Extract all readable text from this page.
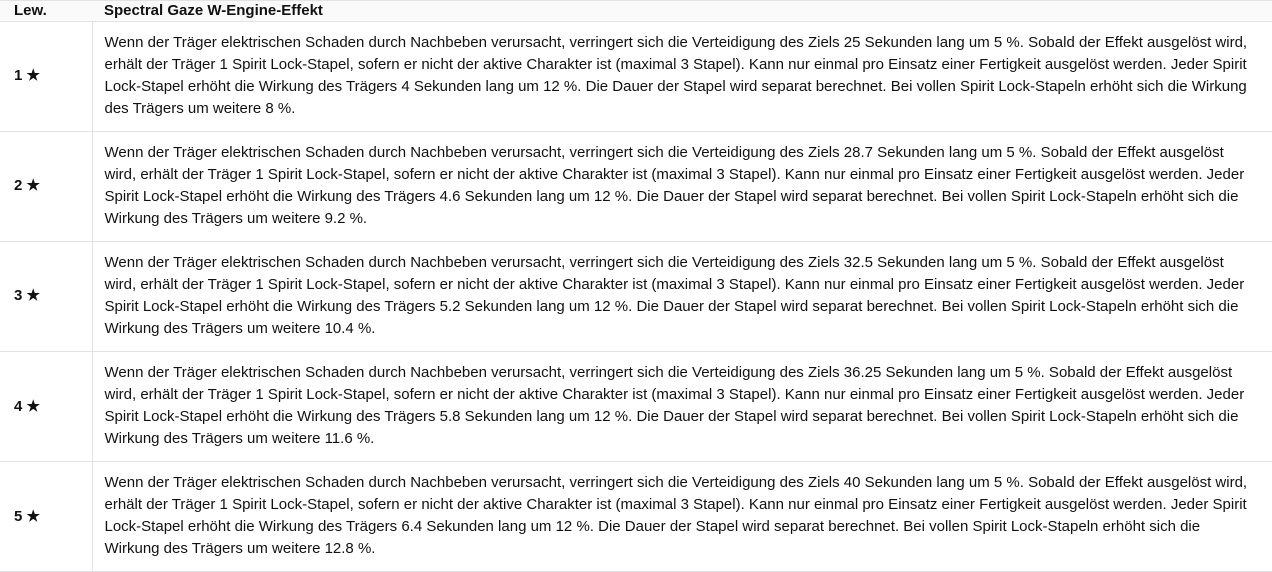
Lew.	Spectral Gaze W-Engine-Effekt
1 ★	Wenn der Träger elektrischen Schaden durch Nachbeben verursacht, verringert sich die Verteidigung des Ziels 25 Sekunden lang um 5 %. Sobald der Effekt ausgelöst wird, erhält der Träger 1 Spirit Lock-Stapel, sofern er nicht der aktive Charakter ist (maximal 3 Stapel). Kann nur einmal pro Einsatz einer Fertigkeit ausgelöst werden. Jeder Spirit Lock-Stapel erhöht die Wirkung des Trägers 4 Sekunden lang um 12 %. Die Dauer der Stapel wird separat berechnet. Bei vollen Spirit Lock-Stapeln erhöht sich die Wirkung des Trägers um weitere 8 %.
2 ★	Wenn der Träger elektrischen Schaden durch Nachbeben verursacht, verringert sich die Verteidigung des Ziels 28.7 Sekunden lang um 5 %. Sobald der Effekt ausgelöst wird, erhält der Träger 1 Spirit Lock-Stapel, sofern er nicht der aktive Charakter ist (maximal 3 Stapel). Kann nur einmal pro Einsatz einer Fertigkeit ausgelöst werden. Jeder Spirit Lock-Stapel erhöht die Wirkung des Trägers 4.6 Sekunden lang um 12 %. Die Dauer der Stapel wird separat berechnet. Bei vollen Spirit Lock-Stapeln erhöht sich die Wirkung des Trägers um weitere 9.2 %.
3 ★	Wenn der Träger elektrischen Schaden durch Nachbeben verursacht, verringert sich die Verteidigung des Ziels 32.5 Sekunden lang um 5 %. Sobald der Effekt ausgelöst wird, erhält der Träger 1 Spirit Lock-Stapel, sofern er nicht der aktive Charakter ist (maximal 3 Stapel). Kann nur einmal pro Einsatz einer Fertigkeit ausgelöst werden. Jeder Spirit Lock-Stapel erhöht die Wirkung des Trägers 5.2 Sekunden lang um 12 %. Die Dauer der Stapel wird separat berechnet. Bei vollen Spirit Lock-Stapeln erhöht sich die Wirkung des Trägers um weitere 10.4 %.
4 ★	Wenn der Träger elektrischen Schaden durch Nachbeben verursacht, verringert sich die Verteidigung des Ziels 36.25 Sekunden lang um 5 %. Sobald der Effekt ausgelöst wird, erhält der Träger 1 Spirit Lock-Stapel, sofern er nicht der aktive Charakter ist (maximal 3 Stapel). Kann nur einmal pro Einsatz einer Fertigkeit ausgelöst werden. Jeder Spirit Lock-Stapel erhöht die Wirkung des Trägers 5.8 Sekunden lang um 12 %. Die Dauer der Stapel wird separat berechnet. Bei vollen Spirit Lock-Stapeln erhöht sich die Wirkung des Trägers um weitere 11.6 %.
5 ★	Wenn der Träger elektrischen Schaden durch Nachbeben verursacht, verringert sich die Verteidigung des Ziels 40 Sekunden lang um 5 %. Sobald der Effekt ausgelöst wird, erhält der Träger 1 Spirit Lock-Stapel, sofern er nicht der aktive Charakter ist (maximal 3 Stapel). Kann nur einmal pro Einsatz einer Fertigkeit ausgelöst werden. Jeder Spirit Lock-Stapel erhöht die Wirkung des Trägers 6.4 Sekunden lang um 12 %. Die Dauer der Stapel wird separat berechnet. Bei vollen Spirit Lock-Stapeln erhöht sich die Wirkung des Trägers um weitere 12.8 %.
